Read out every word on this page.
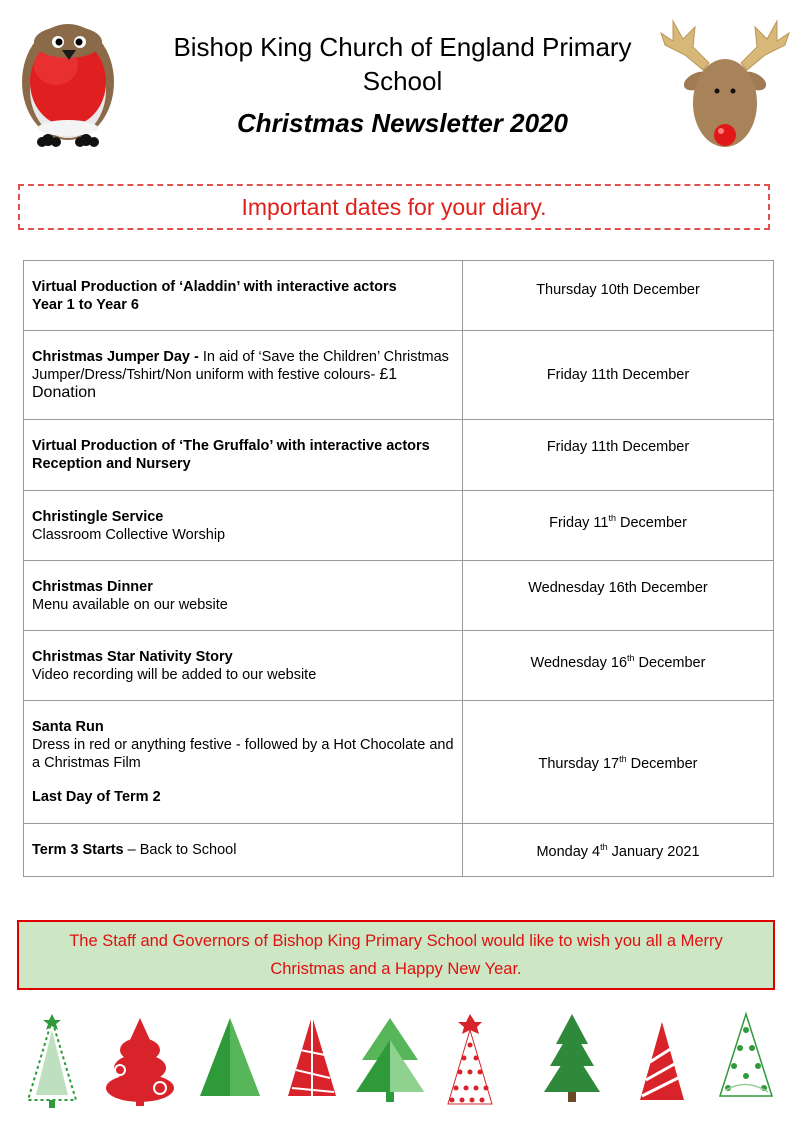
Bishop King Church of England Primary School
Christmas Newsletter 2020
Important dates for your diary.
Virtual Production of ‘Aladdin’ with interactive actors
Year 1 to Year 6	Thursday 10th December
Christmas Jumper Day - In aid of ‘Save the Children’ Christmas Jumper/Dress/Tshirt/Non uniform with festive colours- £1 Donation	Friday 11th December

Virtual Production of ‘The Gruffalo’ with interactive actors
Reception and Nursery	Friday 11th December

Christingle Service
Classroom Collective Worship	Friday 11th December

Christmas Dinner
Menu available on our website	Wednesday 16th December

Christmas Star Nativity Story
Video recording will be added to our website	Wednesday 16th December

Santa Run
Dress in red or anything festive - followed by a Hot Chocolate and a Christmas Film
Last Day of Term 2	Thursday 17th December
Term 3 Starts – Back to School	Monday 4th January 2021
The Staff and Governors of Bishop King Primary School would like to wish you all a Merry Christmas and a Happy New Year.
